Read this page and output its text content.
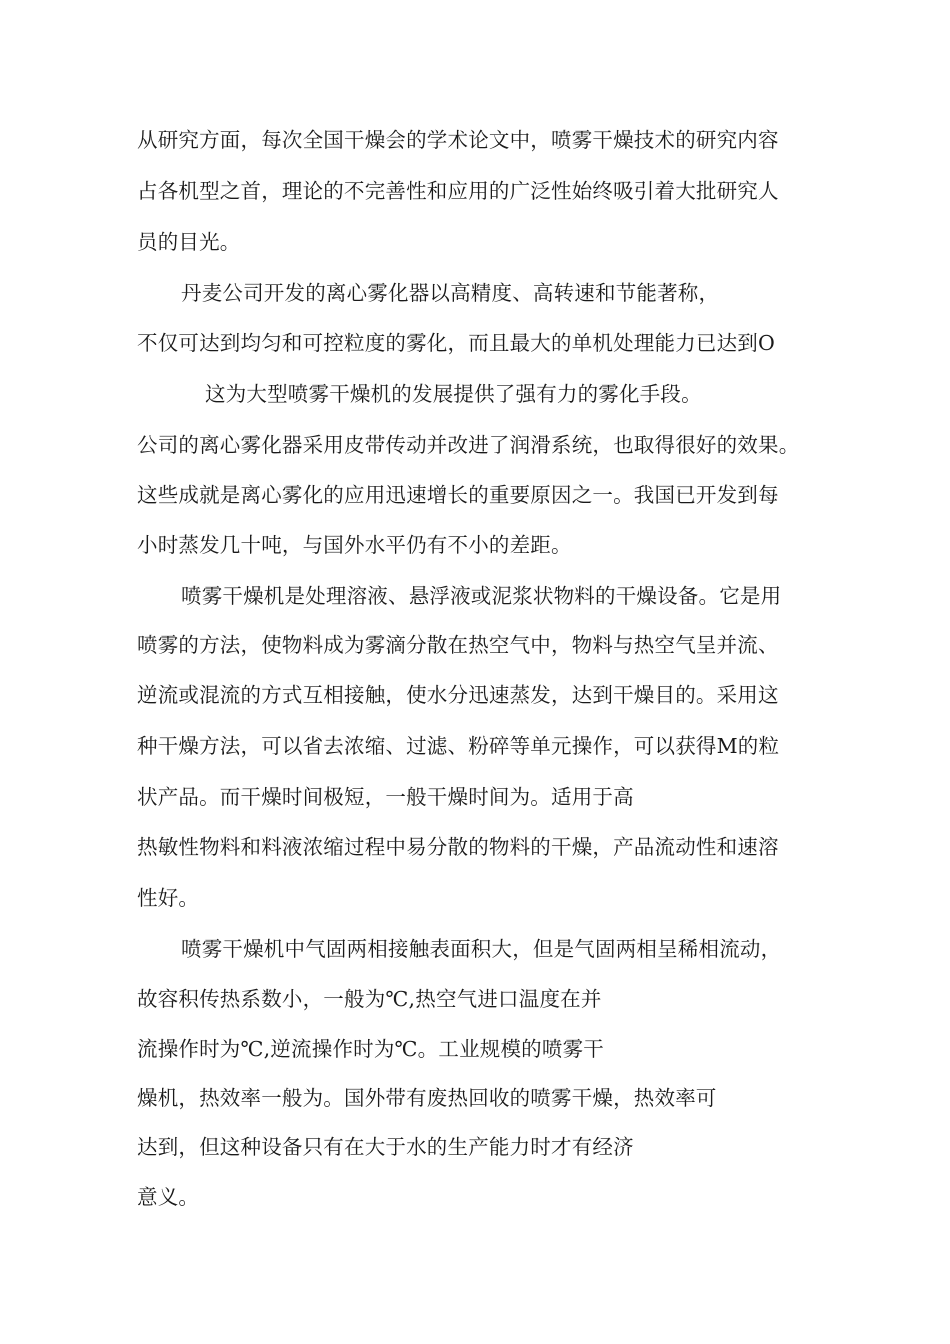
从研究方面，每次全国干燥会的学术论文中，喷雾干燥技术的研究内容
占各机型之首，理论的不完善性和应用的广泛性始终吸引着大批研究人
员的目光。
丹麦公司开发的离心雾化器以高精度、高转速和节能著称，
不仅可达到均匀和可控粒度的雾化，而且最大的单机处理能力已达到O
这为大型喷雾干燥机的发展提供了强有力的雾化手段。
公司的离心雾化器采用皮带传动并改进了润滑系统，也取得很好的效果。
这些成就是离心雾化的应用迅速增长的重要原因之一。我国已开发到每
小时蒸发几十吨，与国外水平仍有不小的差距。
喷雾干燥机是处理溶液、悬浮液或泥浆状物料的干燥设备。它是用
喷雾的方法，使物料成为雾滴分散在热空气中，物料与热空气呈并流、
逆流或混流的方式互相接触，使水分迅速蒸发，达到干燥目的。采用这
种干燥方法，可以省去浓缩、过滤、粉碎等单元操作，可以获得M的粒
状产品。而干燥时间极短，一般干燥时间为。适用于高
热敏性物料和料液浓缩过程中易分散的物料的干燥，产品流动性和速溶
性好。
喷雾干燥机中气固两相接触表面积大，但是气固两相呈稀相流动，
故容积传热系数小，一般为℃,热空气进口温度在并
流操作时为℃,逆流操作时为℃。工业规模的喷雾干
燥机，热效率一般为。国外带有废热回收的喷雾干燥，热效率可
达到，但这种设备只有在大于水的生产能力时才有经济
意义。
